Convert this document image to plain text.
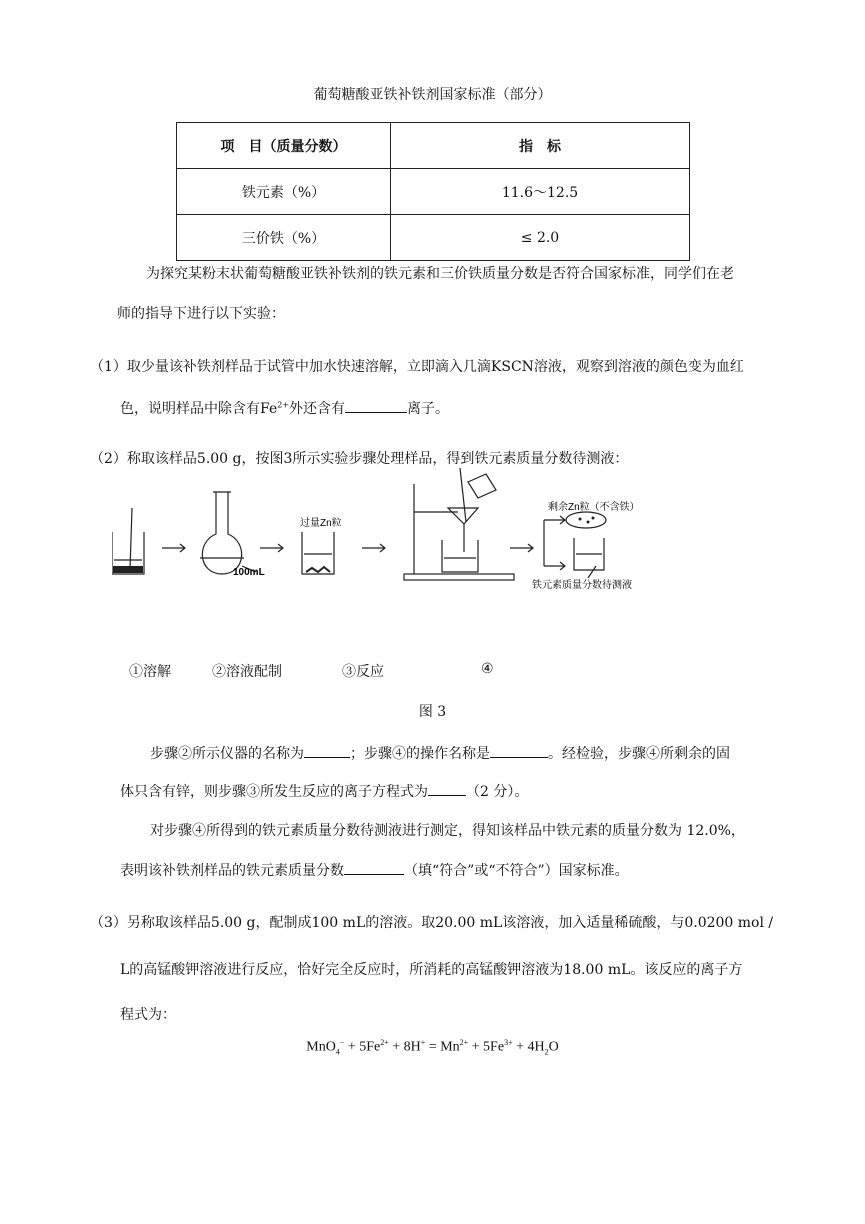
葡萄糖酸亚铁补铁剂国家标准（部分）
项　目（质量分数）	指　标
铁元素（%）	11.6～12.5
三价铁（%）	≤ 2.0
为探究某粉末状葡萄糖酸亚铁补铁剂的铁元素和三价铁质量分数是否符合国家标准，同学们在老
师的指导下进行以下实验：
（1）取少量该补铁剂样品于试管中加水快速溶解，立即滴入几滴KSCN溶液，观察到溶液的颜色变为血红
色，说明样品中除含有$Fe^{2+}$外还含有	离子。
（2）称取该样品5.00 g，按图3所示实验步骤处理样品，得到铁元素质量分数待测液：
100mL
过量Zn粒
剩余Zn粒（不含铁）
铁元素质量分数待测液
①溶解	②溶液配制	③反应	④
图 3
步骤②所示仪器的名称为	；步骤④的操作名称是	。经检验，步骤④所剩余的固
体只含有锌，则步骤③所发生反应的离子方程式为	（2 分）。
对步骤④所得到的铁元素质量分数待测液进行测定，得知该样品中铁元素的质量分数为 12.0%，
表明该补铁剂样品的铁元素质量分数	（填“符合”或“不符合”）国家标准。
（3）另称取该样品5.00 g，配制成100 mL的溶液。取20.00 mL该溶液，加入适量稀硫酸，与0.0200 mol /
L的高锰酸钾溶液进行反应，恰好完全反应时，所消耗的高锰酸钾溶液为18.00 mL。该反应的离子方
程式为：
$MnO_4^- + 5Fe^{2+} + 8H^+ = Mn^{2+} + 5Fe^{3+} + 4H_2O$
